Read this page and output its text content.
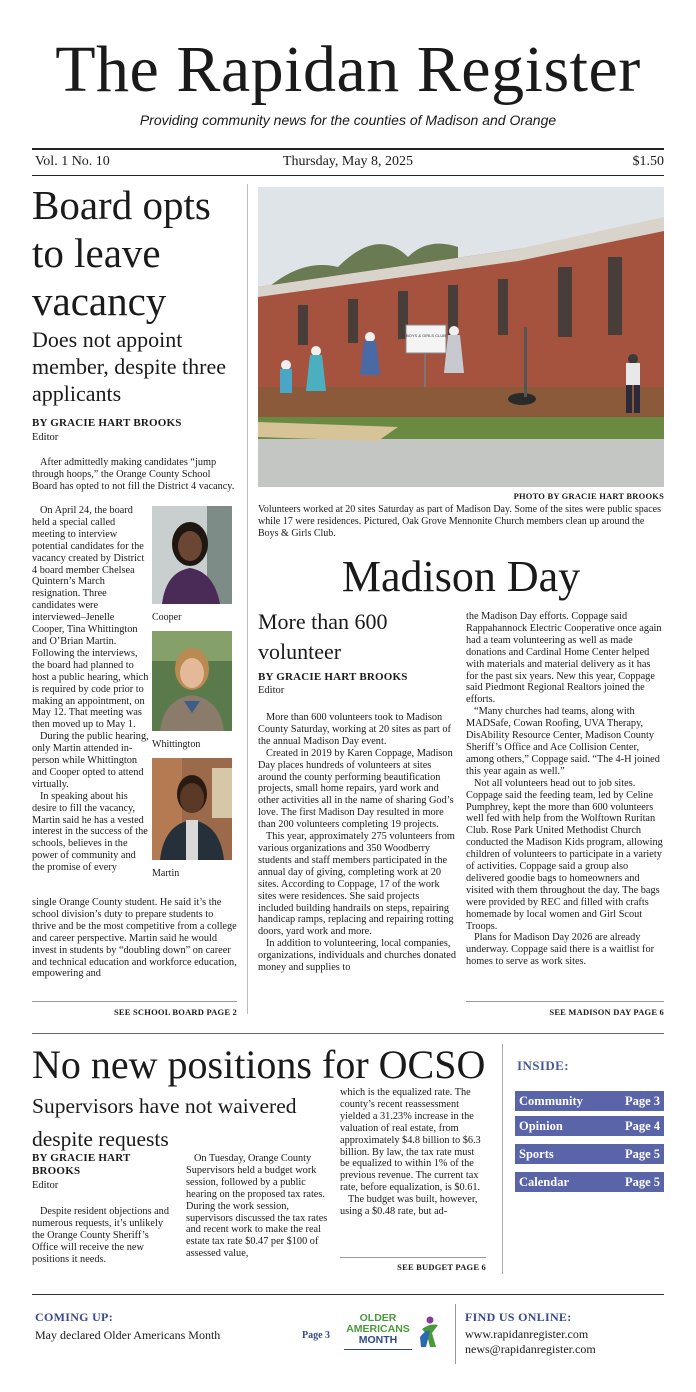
The Rapidan Register
Providing community news for the counties of Madison and Orange
Vol. 1 No. 10	Thursday, May 8, 2025	$1.50
Board opts to leave vacancy
Does not appoint member, despite three applicants
BY GRACIE HART BROOKS
Editor

After admittedly making candidates “jump through hoops,” the Orange County School Board has opted to not fill the District 4 vacancy.

On April 24, the board held a special called meeting to interview potential candidates for the vacancy created by District 4 board member Chelsea Quintern’s March resignation. Three candidates were interviewed–Jenelle Cooper, Tina Whittington and O’Brian Martin. Following the interviews, the board had planned to host a public hearing, which is required by code prior to making an appointment, on May 12. That meeting was then moved up to May 1.

During the public hearing, only Martin attended in-person while Whittington and Cooper opted to attend virtually.

In speaking about his desire to fill the vacancy, Martin said he has a vested interest in the success of the schools, believes in the power of community and the promise of every

single Orange County student. He said it’s the school division’s duty to prepare students to thrive and be the most competitive from a college and career perspective. Martin said he would invest in students by “doubling down” on career and technical education and workforce education, empowering and

Cooper
Whittington
Martin
SEE SCHOOL BOARD PAGE 2
BOYS & GIRLS CLUB
PHOTO BY GRACIE HART BROOKS
Volunteers worked at 20 sites Saturday as part of Madison Day. Some of the sites were public spaces while 17 were residences. Pictured, Oak Grove Mennonite Church members clean up around the Boys & Girls Club.
Madison Day
More than 600 volunteer
BY GRACIE HART BROOKS
Editor

More than 600 volunteers took to Madison County Saturday, working at 20 sites as part of the annual Madison Day event.

Created in 2019 by Karen Coppage, Madison Day places hundreds of volunteers at sites around the county performing beautification projects, small home repairs, yard work and other activities all in the name of sharing God’s love. The first Madison Day resulted in more than 200 volunteers completing 19 projects.

This year, approximately 275 volunteers from various organizations and 350 Woodberry students and staff members participated in the annual day of giving, completing work at 20 sites. According to Coppage, 17 of the work sites were residences. She said projects included building handrails on steps, repairing handicap ramps, replacing and repairing rotting doors, yard work and more.

In addition to volunteering, local companies, organizations, individuals and churches donated money and supplies to

the Madison Day efforts. Coppage said Rappahannock Electric Cooperative once again had a team volunteering as well as made donations and Cardinal Home Center helped with materials and material delivery as it has for the past six years. New this year, Coppage said Piedmont Regional Realtors joined the efforts.

“Many churches had teams, along with MADSafe, Cowan Roofing, UVA Therapy, DisAbility Resource Center, Madison County Sheriff’s Office and Ace Collision Center, among others,” Coppage said. “The 4-H joined this year again as well.”

Not all volunteers head out to job sites. Coppage said the feeding team, led by Celine Pumphrey, kept the more than 600 volunteers well fed with help from the Wolftown Ruritan Club. Rose Park United Methodist Church conducted the Madison Kids program, allowing children of volunteers to participate in a variety of activities. Coppage said a group also delivered goodie bags to homeowners and visited with them throughout the day. The bags were provided by REC and filled with crafts homemade by local women and Girl Scout Troops.

Plans for Madison Day 2026 are already underway. Coppage said there is a waitlist for homes to serve as work sites.

SEE MADISON DAY PAGE 6
No new positions for OCSO
Supervisors have not waivered despite requests
BY GRACIE HART BROOKS
Editor

Despite resident objections and numerous requests, it’s unlikely the Orange County Sheriff’s Office will receive the new positions it needs.

On Tuesday, Orange County Supervisors held a budget work session, followed by a public hearing on the proposed tax rates. During the work session, supervisors discussed the tax rates and recent work to make the real estate tax rate $0.47 per $100 of assessed value,

which is the equalized rate. The county’s recent reassessment yielded a 31.23% increase in the valuation of real estate, from approximately $4.8 billion to $6.3 billion. By law, the tax rate must be equalized to within 1% of the previous revenue. The current tax rate, before equalization, is $0.61.

The budget was built, however, using a $0.48 rate, but ad-

SEE BUDGET PAGE 6
INSIDE:
Community	Page 3
Opinion	Page 4
Sports	Page 5
Calendar	Page 5
COMING UP:
May declared Older Americans Month	Page 3
OLDER
AMERICANS
MONTH
FIND US ONLINE:
www.rapidanregister.com
news@rapidanregister.com
